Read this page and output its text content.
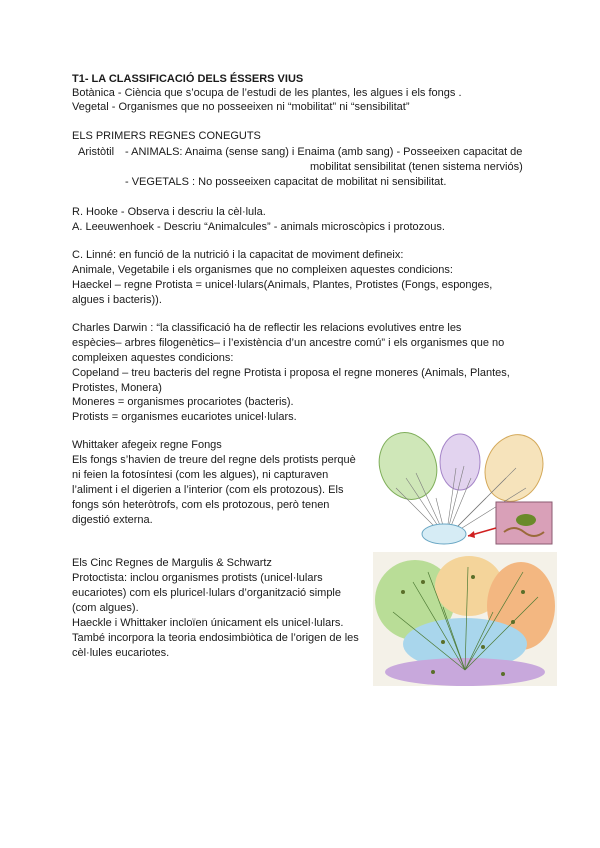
T1- LA CLASSIFICACIÓ DELS ÉSSERS VIUS
Botànica - Ciència que s’ocupa de l’estudi de les plantes, les algues i els fongs .
Vegetal - Organismes que no posseeixen ni “mobilitat” ni “sensibilitat”
ELS PRIMERS REGNES CONEGUTS
Aristòtil - ANIMALS: Anaima (sense sang) i Enaima (amb sang) - Posseeixen capacitat de
mobilitat sensibilitat (tenen sistema nerviós)
- VEGETALS : No posseeixen capacitat de mobilitat ni sensibilitat.
R. Hooke - Observa i descriu la cèl·lula.
A. Leeuwenhoek - Descriu “Animalcules” - animals microscòpics i protozous.
C. Linné: en funció de la nutrició i la capacitat de moviment defineix:
Animale, Vegetabile i els organismes que no compleixen aquestes condicions:
Haeckel – regne Protista = unicel·lulars(Animals, Plantes, Protistes (Fongs, esponges,
algues i bacteris)).
Charles Darwin : “la classificació ha de reflectir les relacions evolutives entre les
espècies– arbres filogenètics– i l’existència d’un ancestre comú” i els organismes que no
compleixen aquestes condicions:
Copeland – treu bacteris del regne Protista i proposa el regne moneres (Animals, Plantes,
Protistes, Monera)
Moneres = organismes procariotes (bacteris).
Protists = organismes eucariotes unicel·lulars.
Whittaker afegeix regne Fongs
Els fongs s’havien de treure del regne dels protists perquè
ni feien la fotosíntesi (com les algues), ni capturaven
l’aliment i el digerien a l’interior (com els protozous). Els
fongs són heteròtrofs, com els protozous, però tenen
digestió externa.
Els Cinc Regnes de Margulis & Schwartz
Protoctista: inclou organismes protists (unicel·lulars
eucariotes) com els pluricel·lulars d’organització simple
(com algues).
Haeckle i Whittaker incloïen únicament els unicel·lulars.
També incorpora la teoria endosimbiòtica de l’origen de les
cèl·lules eucariotes.
